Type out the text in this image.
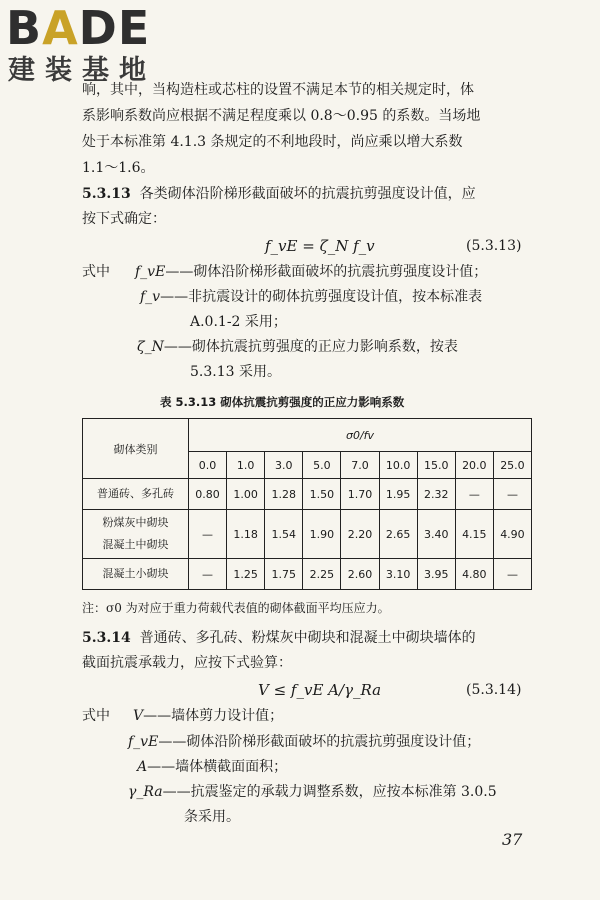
BADE
建装基地
响，其中，当构造柱或芯柱的设置不满足本节的相关规定时，体
系影响系数尚应根据不满足程度乘以 0.8～0.95 的系数。当场地
处于本标准第 4.1.3 条规定的不利地段时，尚应乘以增大系数
1.1～1.6。
5.3.13 各类砌体沿阶梯形截面破坏的抗震抗剪强度设计值，应
按下式确定：
f_vE = ζ_N f_v	(5.3.13)
式中 f_vE——砌体沿阶梯形截面破坏的抗震抗剪强度设计值；
f_v——非抗震设计的砌体抗剪强度设计值，按本标准表
A.0.1-2 采用；
ζ_N——砌体抗震抗剪强度的正应力影响系数，按表
5.3.13 采用。
表 5.3.13 砌体抗震抗剪强度的正应力影响系数
砌体类别	σ0/fv								
	0.0	1.0	3.0	5.0	7.0	10.0	15.0	20.0	25.0
普通砖、多孔砖	0.80	1.00	1.28	1.50	1.70	1.95	2.32	—	—

粉煤灰中砌块
混凝土中砌块	—	1.18	1.54	1.90	2.20	2.65	3.40	4.15	4.90
混凝土小砌块	—	1.25	1.75	2.25	2.60	3.10	3.95	4.80	—
注：σ0 为对应于重力荷载代表值的砌体截面平均压应力。
5.3.14 普通砖、多孔砖、粉煤灰中砌块和混凝土中砌块墙体的
截面抗震承载力，应按下式验算：
V ≤ f_vE A/γ_Ra	(5.3.14)
式中 V——墙体剪力设计值；
f_vE——砌体沿阶梯形截面破坏的抗震抗剪强度设计值；
A——墙体横截面面积；
γ_Ra——抗震鉴定的承载力调整系数，应按本标准第 3.0.5
条采用。
37
